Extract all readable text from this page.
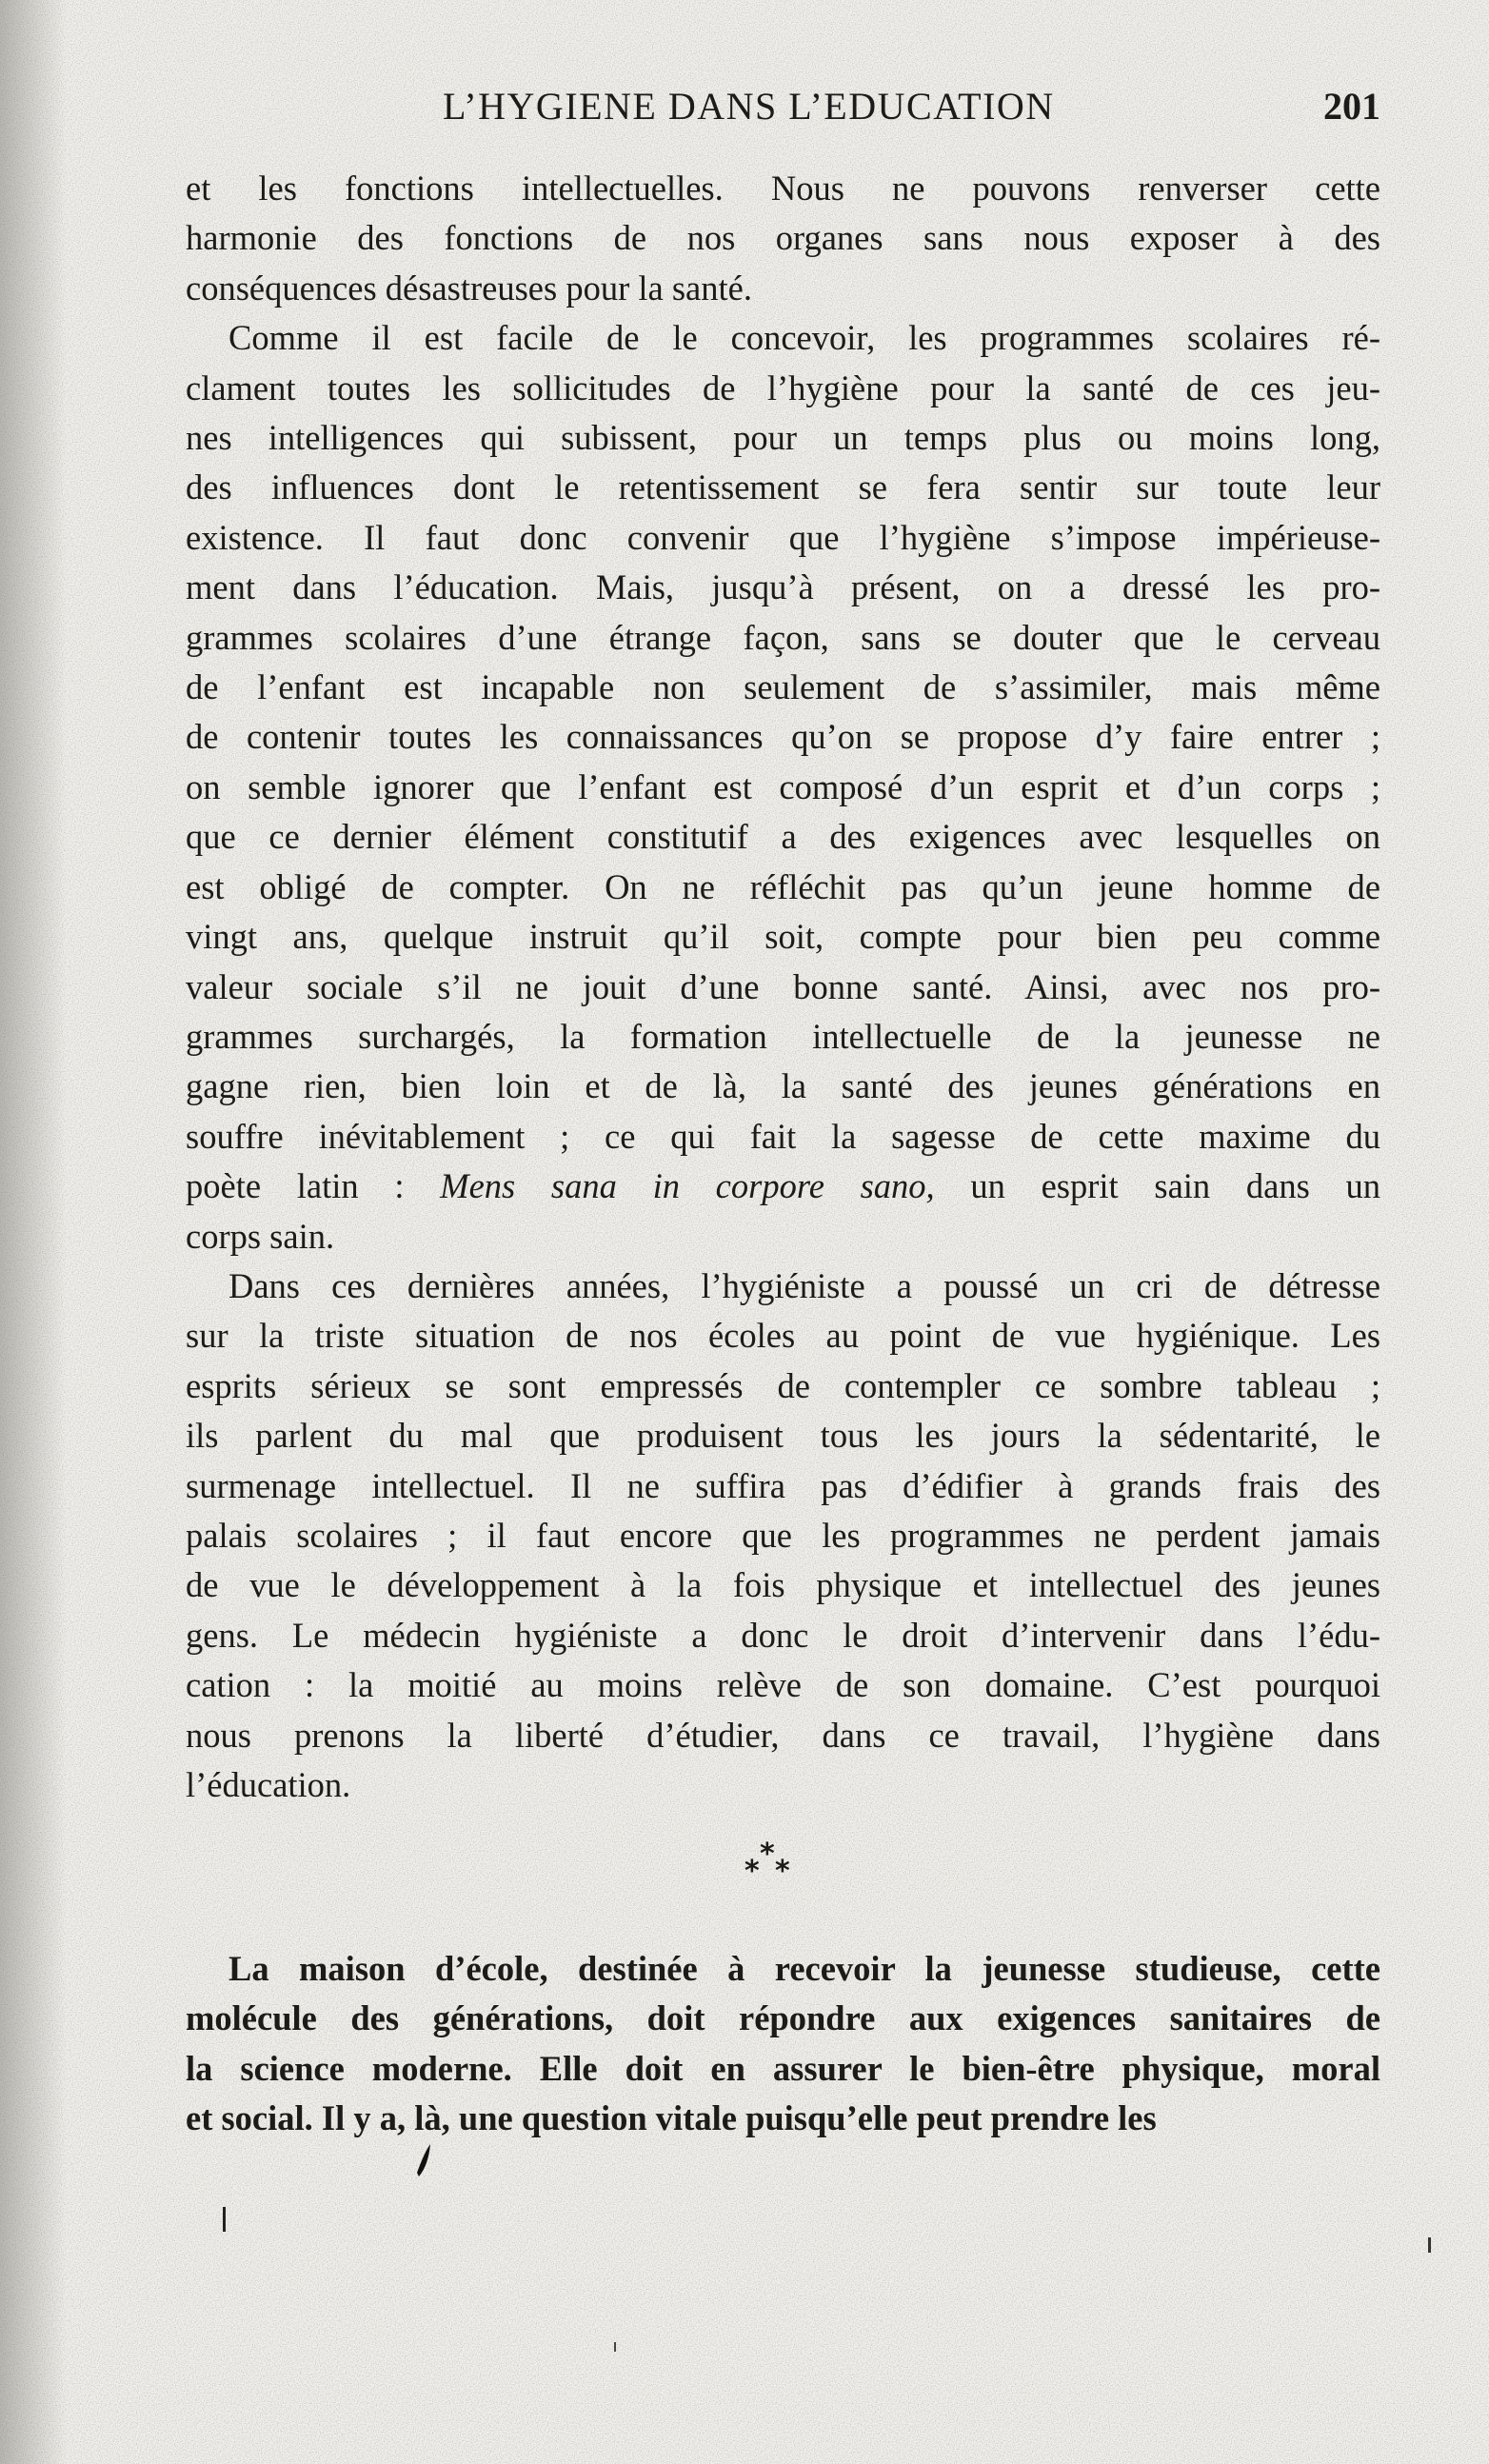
L’HYGIENE DANS L’EDUCATION	201

et les fonctions intellectuelles. Nous ne pouvons renverser cette
harmonie des fonctions de nos organes sans nous exposer à des
conséquences désastreuses pour la santé.

Comme il est facile de le concevoir, les programmes scolaires ré-
clament toutes les sollicitudes de l’hygiène pour la santé de ces jeu-
nes intelligences qui subissent, pour un temps plus ou moins long,
des influences dont le retentissement se fera sentir sur toute leur
existence. Il faut donc convenir que l’hygiène s’impose impérieuse-
ment dans l’éducation. Mais, jusqu’à présent, on a dressé les pro-
grammes scolaires d’une étrange façon, sans se douter que le cerveau
de l’enfant est incapable non seulement de s’assimiler, mais même
de contenir toutes les connaissances qu’on se propose d’y faire entrer ;
on semble ignorer que l’enfant est composé d’un esprit et d’un corps ;
que ce dernier élément constitutif a des exigences avec lesquelles on
est obligé de compter. On ne réfléchit pas qu’un jeune homme de
vingt ans, quelque instruit qu’il soit, compte pour bien peu comme
valeur sociale s’il ne jouit d’une bonne santé. Ainsi, avec nos pro-
grammes surchargés, la formation intellectuelle de la jeunesse ne
gagne rien, bien loin et de là, la santé des jeunes générations en
souffre inévitablement ; ce qui fait la sagesse de cette maxime du
poète latin : Mens sana in corpore sano, un esprit sain dans un
corps sain.

Dans ces dernières années, l’hygiéniste a poussé un cri de détresse
sur la triste situation de nos écoles au point de vue hygiénique. Les
esprits sérieux se sont empressés de contempler ce sombre tableau ;
ils parlent du mal que produisent tous les jours la sédentarité, le
surmenage intellectuel. Il ne suffira pas d’édifier à grands frais des
palais scolaires ; il faut encore que les programmes ne perdent jamais
de vue le développement à la fois physique et intellectuel des jeunes
gens. Le médecin hygiéniste a donc le droit d’intervenir dans l’édu-
cation : la moitié au moins relève de son domaine. C’est pourquoi
nous prenons la liberté d’étudier, dans ce travail, l’hygiène dans
l’éducation.

*
* *

La maison d’école, destinée à recevoir la jeunesse studieuse, cette
molécule des générations, doit répondre aux exigences sanitaires de
la science moderne. Elle doit en assurer le bien-être physique, moral
et social. Il y a, là, une question vitale puisqu’elle peut prendre les
